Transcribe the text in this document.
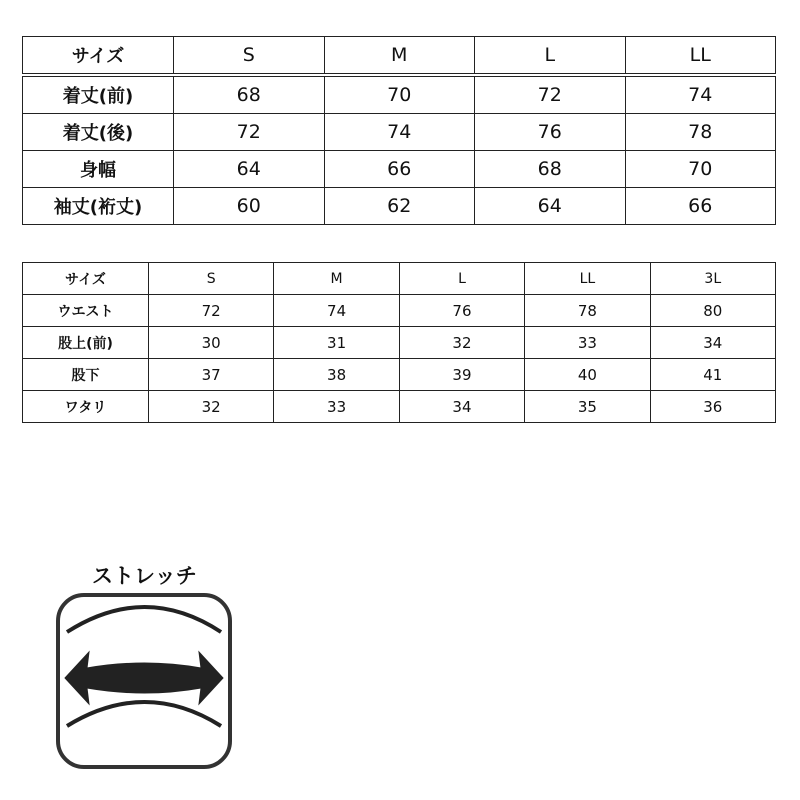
サイズ	S	M	L	LL
着丈(前)	68	70	72	74
着丈(後)	72	74	76	78
身幅	64	66	68	70
袖丈(裄丈)	60	62	64	66
サイズ	S	M	L	LL	3L
ウエスト	72	74	76	78	80
股上(前)	30	31	32	33	34
股下	37	38	39	40	41
ワタリ	32	33	34	35	36
ストレッチ
